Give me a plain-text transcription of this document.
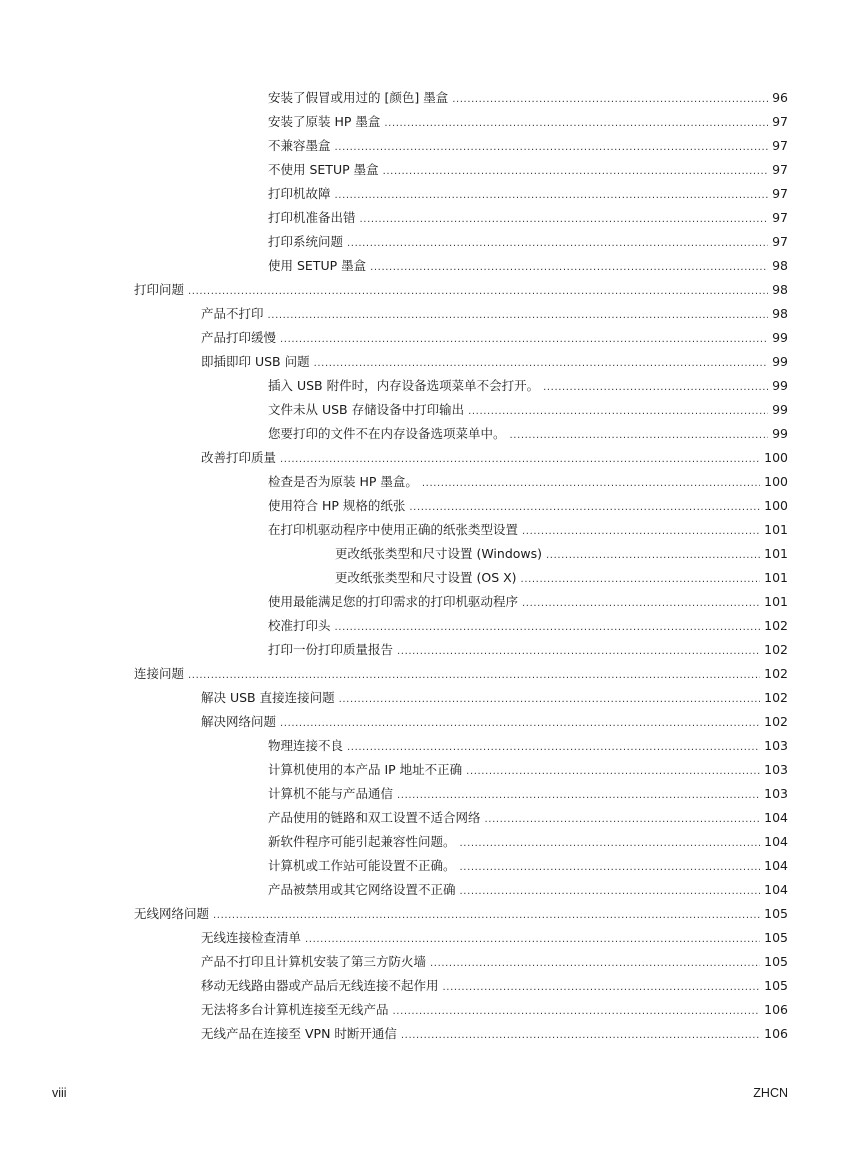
安装了假冒或用过的 [颜色] 墨盒 .....	96
安装了原装 HP 墨盒 .....	97
不兼容墨盒 .....	97
不使用 SETUP 墨盒 .....	97
打印机故障 .....	97
打印机准备出错 .....	97
打印系统问题 .....	97
使用 SETUP 墨盒 .....	98
打印问题 .....	98
产品不打印 .....	98
产品打印缓慢 .....	99
即插即印 USB 问题 .....	99
插入 USB 附件时，内存设备选项菜单不会打开。 .....	99
文件未从 USB 存储设备中打印输出 .....	99
您要打印的文件不在内存设备选项菜单中。 .....	99
改善打印质量 .....	100
检查是否为原装 HP 墨盒。 .....	100
使用符合 HP 规格的纸张 .....	100
在打印机驱动程序中使用正确的纸张类型设置 .....	101
更改纸张类型和尺寸设置 (Windows) .....	101
更改纸张类型和尺寸设置 (OS X) .....	101
使用最能满足您的打印需求的打印机驱动程序 .....	101
校准打印头 .....	102
打印一份打印质量报告 .....	102
连接问题 .....	102
解决 USB 直接连接问题 .....	102
解决网络问题 .....	102
物理连接不良 .....	103
计算机使用的本产品 IP 地址不正确 .....	103
计算机不能与产品通信 .....	103
产品使用的链路和双工设置不适合网络 .....	104
新软件程序可能引起兼容性问题。 .....	104
计算机或工作站可能设置不正确。 .....	104
产品被禁用或其它网络设置不正确 .....	104
无线网络问题 .....	105
无线连接检查清单 .....	105
产品不打印且计算机安装了第三方防火墙 .....	105
移动无线路由器或产品后无线连接不起作用 .....	105
无法将多台计算机连接至无线产品 .....	106
无线产品在连接至 VPN 时断开通信 .....	106
viii	ZHCN
